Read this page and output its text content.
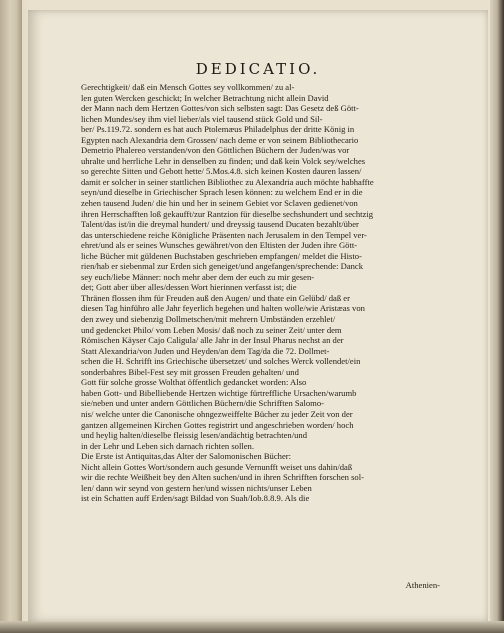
DEDICATIO.
Gerechtigkeit/ daß ein Mensch Gottes sey vollkommen/ zu al-
len guten Wercken geschickt; In welcher Betrachtung nicht allein David
der Mann nach dem Hertzen Gottes/von sich selbsten sagt: Das Gesetz deß Gött-
lichen Mundes/sey ihm viel lieber/als viel tausend stück Gold und Sil-
ber/ Ps.119.72. sondern es hat auch Ptolemæus Philadelphus der dritte König in
Egypten nach Alexandria dem Grossen/ nach deme er von seinem Bibliothecario
Demetrio Phalereo verstanden/von den Göttlichen Büchern der Juden/was vor
uhralte und herrliche Lehr in denselben zu finden; und daß kein Volck sey/welches
so gerechte Sitten und Gebott hette/ 5.Mos.4.8. sich keinen Kosten dauren lassen/
damit er solcher in seiner stattlichen Bibliothec zu Alexandria auch möchte habhaffte
seyn/und dieselbe in Griechischer Sprach lesen können: zu welchem End er in die
zehen tausend Juden/ die hin und her in seinem Gebiet vor Sclaven gedienet/von
ihren Herrschafften loß gekaufft/zur Rantzion für dieselbe sechshundert und sechtzig
Talent/das ist/in die dreymal hundert/ und dreyssig tausend Ducaten bezahlt/über
das unterschiedene reiche Königliche Präsenten nach Jerusalem in den Tempel ver-
ehret/und als er seines Wunsches gewähret/von den Eltisten der Juden ihre Gött-
liche Bücher mit güldenen Buchstaben geschrieben empfangen/ meldet die Histo-
rien/hab er siebenmal zur Erden sich geneiget/und angefangen/sprechende: Danck
sey euch/liebe Männer: noch mehr aber dem der euch zu mir gesen-
det; Gott aber über alles/dessen Wort hierinnen verfasst ist; die
Thränen flossen ihm für Freuden auß den Augen/ und thate ein Gelübd/ daß er
diesen Tag hinführo alle Jahr feyerlich begehen und halten wolle/wie Aristæas von
den zwey und siebenzig Dollmetschen/mit mehrern Umbständen erzehlet/
und gedencket Philo/ vom Leben Mosis/ daß noch zu seiner Zeit/ unter dem
Römischen Käyser Cajo Caligula/ alle Jahr in der Insul Pharus nechst an der
Statt Alexandria/von Juden und Heyden/an dem Tag/da die 72. Dollmet-
schen die H. Schrifft ins Griechische übersetzet/ und solches Werck vollendet/ein
sonderbahres Bibel-Fest sey mit grossen Freuden gehalten/ und
Gott für solche grosse Wolthat öffentlich gedancket worden: Also
haben Gott- und Bibelliebende Hertzen wichtige fürtreffliche Ursachen/warumb
sie/neben und unter andern Göttlichen Büchern/die Schrifften Salomo-
nis/ welche unter die Canonische ohngezweiffelte Bücher zu jeder Zeit von der
gantzen allgemeinen Kirchen Gottes registrirt und angeschrieben worden/ hoch
und heylig halten/dieselbe fleissig lesen/andächtig betrachten/und
in der Lehr und Leben sich darnach richten sollen.
Die Erste ist Antiquitas,das Alter der Salomonischen Bücher:
Nicht allein Gottes Wort/sondern auch gesunde Vernunfft weiset uns dahin/daß
wir die rechte Weißheit bey den Alten suchen/und in ihren Schrifften forschen sol-
len/ dann wir seynd von gestern her/und wissen nichts/unser Leben
ist ein Schatten auff Erden/sagt Bildad von Suah/Iob.8.8.9. Als die
Athenien-
